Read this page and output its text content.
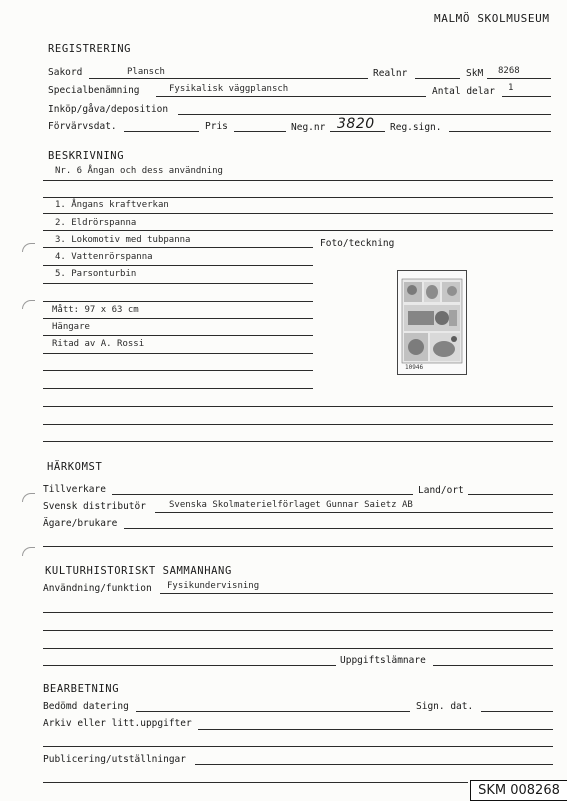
MALMÖ SKOLMUSEUM
REGISTRERING
Sakord	Plansch	Realnr	SkM 8268
Specialbenämning	Fysikalisk väggplansch	Antal delar 1
Inköp/gåva/deposition
Förvärvsdat.	Pris	Neg.nr 3820 Reg.sign.
BESKRIVNING
Nr. 6 Ångan och dess användning
1. Ångans kraftverkan
2. Eldrörspanna
3. Lokomotiv med tubpanna	Foto/teckning
4. Vattenrörspanna
5. Parsonturbin
Mått: 97 x 63 cm
Hängare
Ritad av A. Rossi
10946
HÄRKOMST
Tillverkare	Land/ort
Svensk distributör	Svenska Skolmaterielförlaget Gunnar Saietz AB
Ägare/brukare
KULTURHISTORISKT SAMMANHANG
Användning/funktion Fysikundervisning
Uppgiftslämnare
BEARBETNING
Bedömd datering	Sign. dat.
Arkiv eller litt.uppgifter
Publicering/utställningar
SKM 008268
